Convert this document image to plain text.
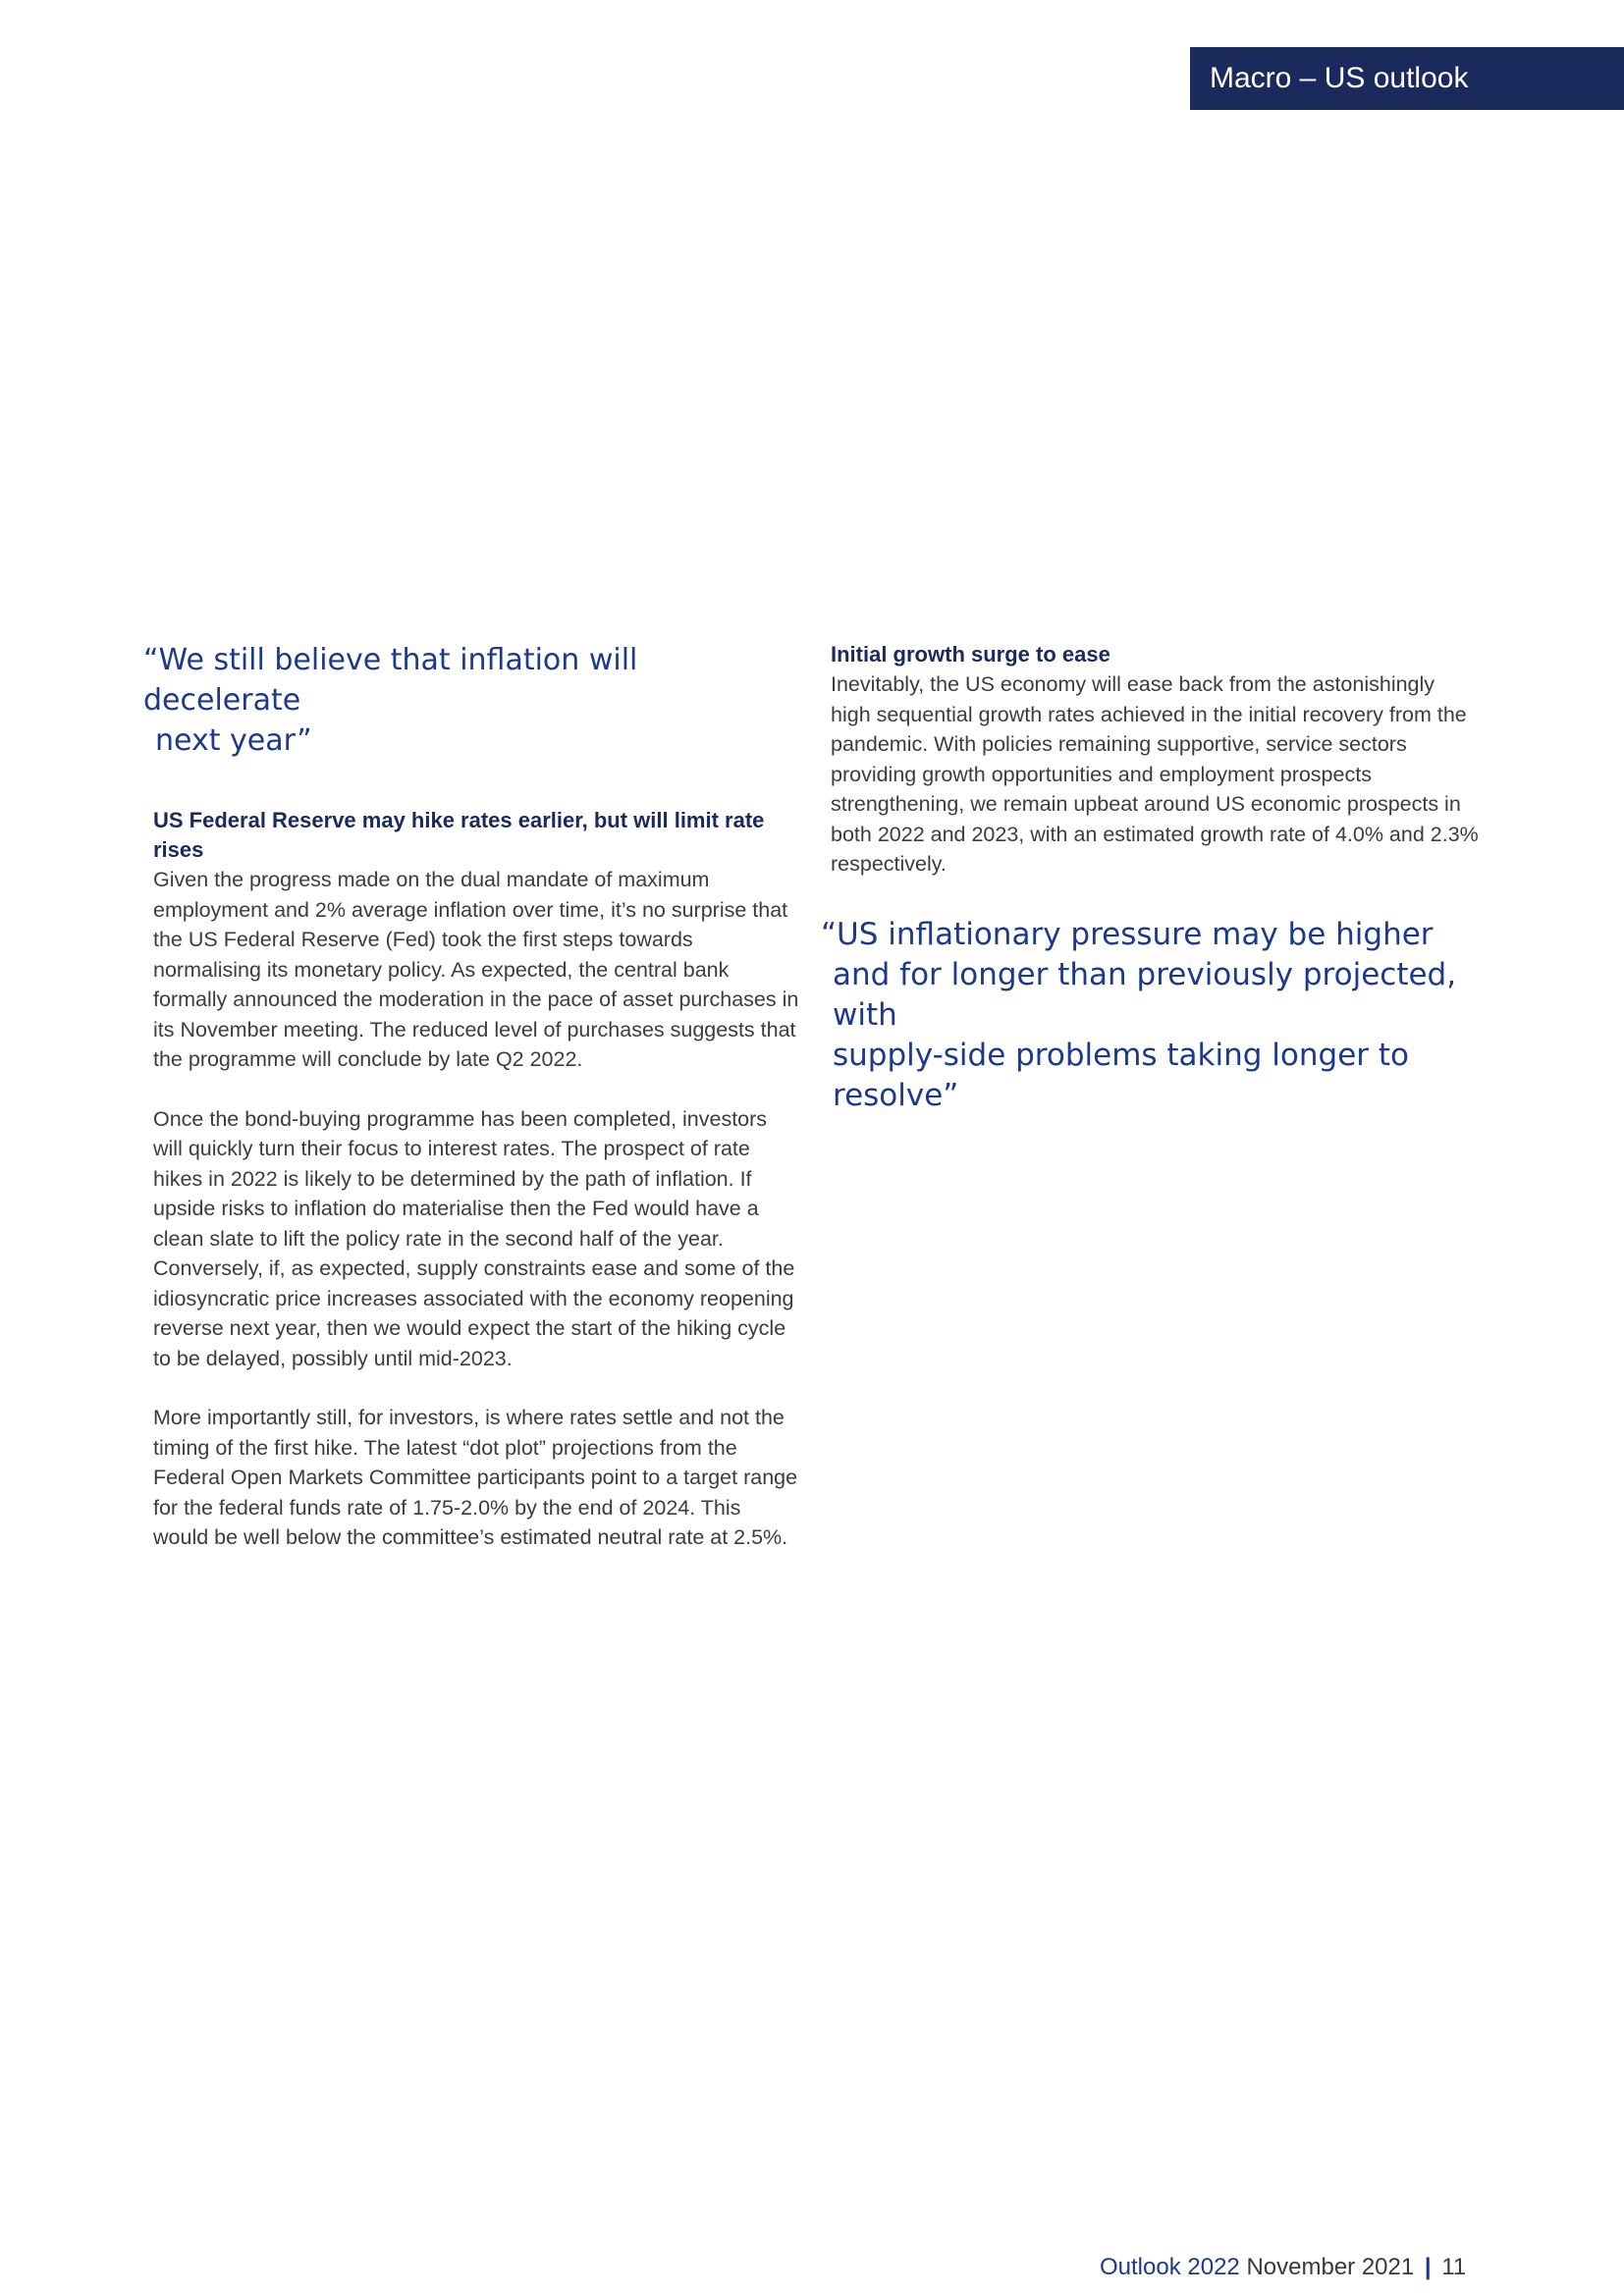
Macro – US outlook

“We still believe that inflation will decelerate
next year”

US Federal Reserve may hike rates earlier, but will limit rate rises

Given the progress made on the dual mandate of maximum employment and 2% average inflation over time, it’s no surprise that the US Federal Reserve (Fed) took the first steps towards normalising its monetary policy. As expected, the central bank formally announced the moderation in the pace of asset purchases in its November meeting. The reduced level of purchases suggests that the programme will conclude by late Q2 2022.

Once the bond-buying programme has been completed, investors will quickly turn their focus to interest rates. The prospect of rate hikes in 2022 is likely to be determined by the path of inflation. If upside risks to inflation do materialise then the Fed would have a clean slate to lift the policy rate in the second half of the year. Conversely, if, as expected, supply constraints ease and some of the idiosyncratic price increases associated with the economy reopening reverse next year, then we would expect the start of the hiking cycle to be delayed, possibly until mid-2023.

More importantly still, for investors, is where rates settle and not the timing of the first hike. The latest “dot plot” projections from the Federal Open Markets Committee participants point to a target range for the federal funds rate of 1.75-2.0% by the end of 2024. This would be well below the committee’s estimated neutral rate at 2.5%.

Initial growth surge to ease

Inevitably, the US economy will ease back from the astonishingly high sequential growth rates achieved in the initial recovery from the pandemic. With policies remaining supportive, service sectors providing growth opportunities and employment prospects strengthening, we remain upbeat around US economic prospects in both 2022 and 2023, with an estimated growth rate of 4.0% and 2.3% respectively.

“US inflationary pressure may be higher
and for longer than previously projected, with
supply-side problems taking longer to resolve”

Outlook 2022 November 2021 | 11
